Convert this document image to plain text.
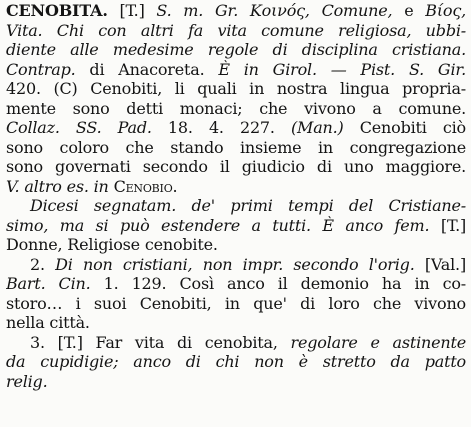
CENOBITA. [T.] S. m. Gr. Κοινός, Comune, e Βίος,
Vita. Chi con altri fa vita comune religiosa, ubbi-
diente alle medesime regole di disciplina cristiana.
Contrap. di Anacoreta. È in Girol. — Pist. S. Gir.
420. (C) Cenobiti, li quali in nostra lingua propria-
mente sono detti monaci; che vivono a comune.
Collaz. SS. Pad. 18. 4. 227. (Man.) Cenobiti ciò
sono coloro che stando insieme in congregazione
sono governati secondo il giudicio di uno maggiore.
V. altro es. in Cenobio.
Dicesi segnatam. de' primi tempi del Cristiane-
simo, ma si può estendere a tutti. È anco fem. [T.]
Donne, Religiose cenobite.
2. Di non cristiani, non impr. secondo l'orig. [Val.]
Bart. Cin. 1. 129. Così anco il demonio ha in co-
storo… i suoi Cenobiti, in que' di loro che vivono
nella città.
3. [T.] Far vita di cenobita, regolare e astinente
da cupidigie; anco di chi non è stretto da patto
relig.
